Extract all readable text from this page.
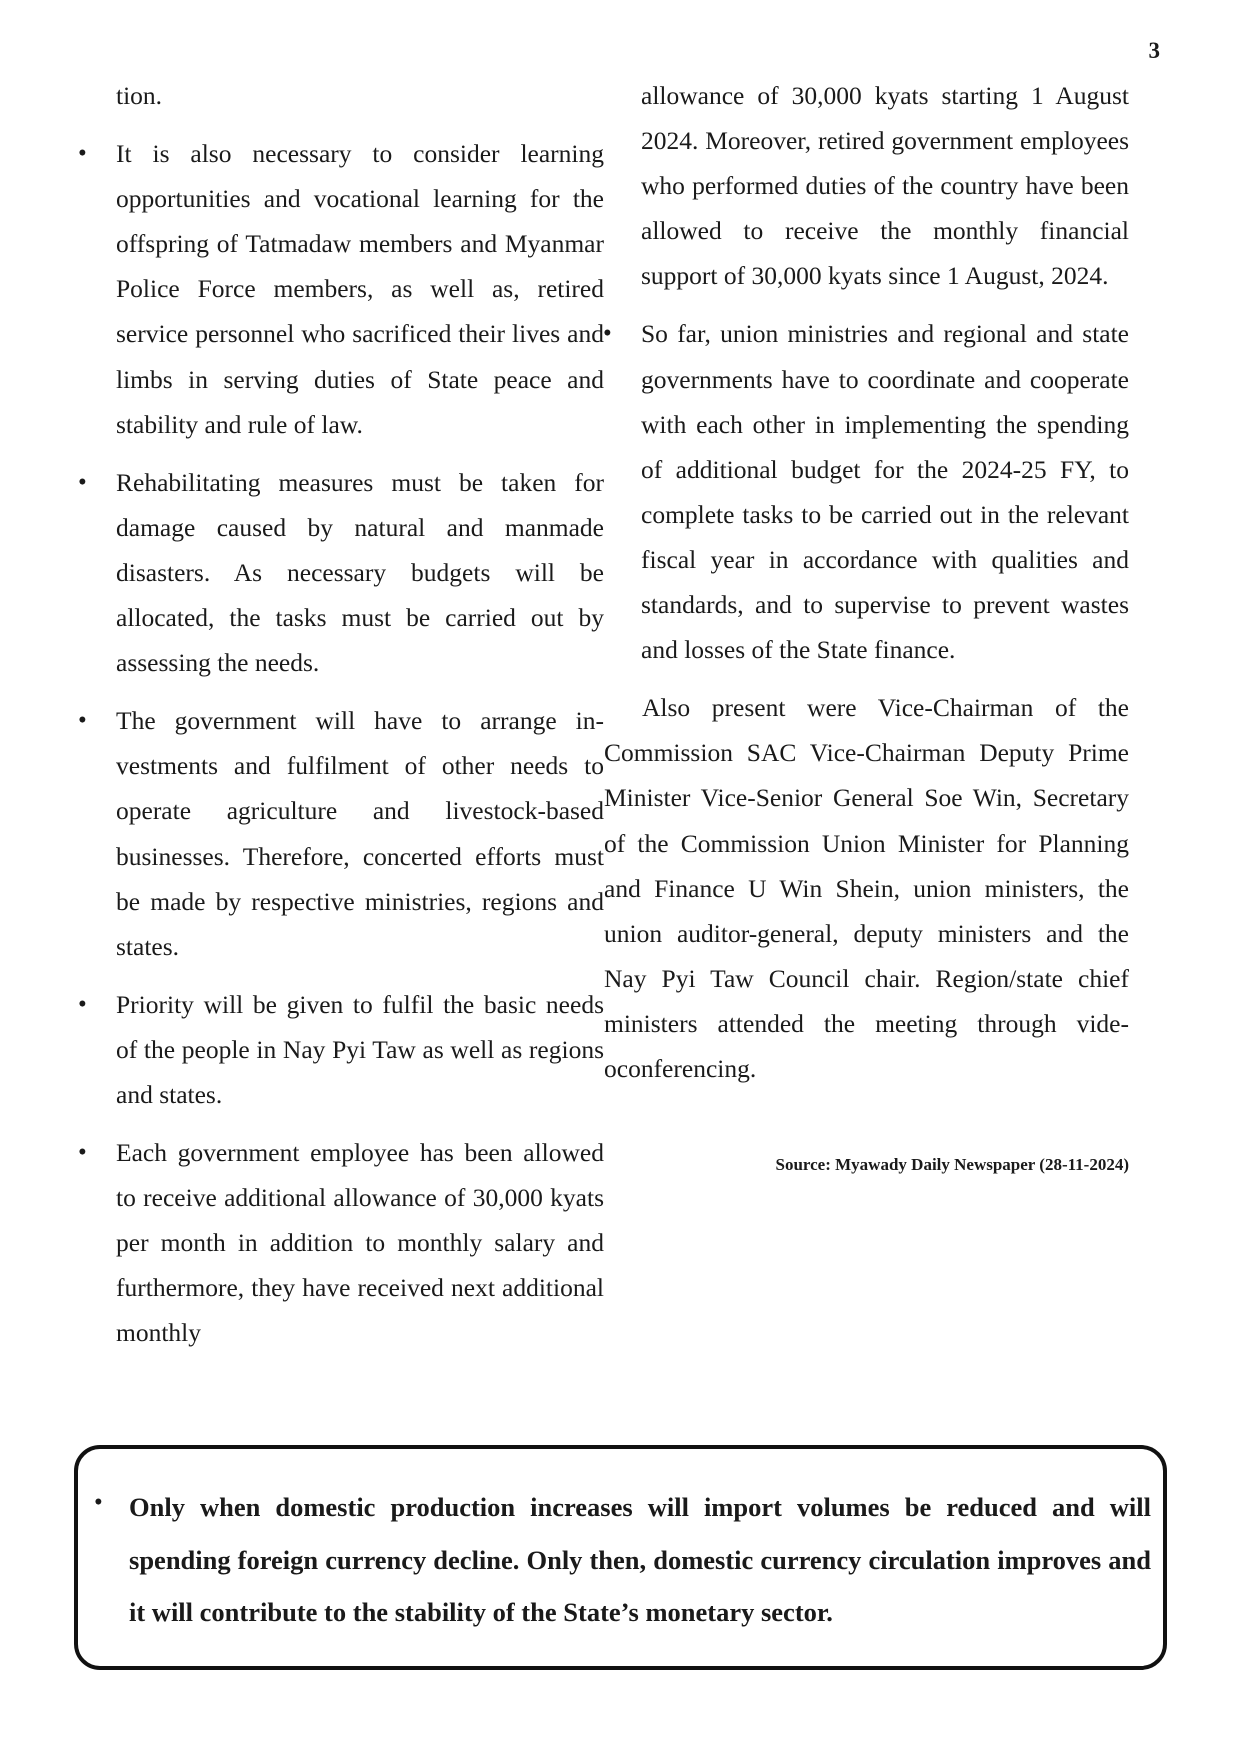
3

tion.

• It is also necessary to consider learning opportunities and vocational learning for the offspring of Tatmadaw members and Myanmar Police Force members, as well as, retired service personnel who sacrificed their lives and limbs in serving duties of State peace and stability and rule of law.
• Rehabilitating measures must be taken for damage caused by natural and manmade disasters. As necessary budgets will be allocated, the tasks must be carried out by assessing the needs.
• The government will have to arrange investments and fulfilment of other needs to operate agriculture and livestock-based businesses. Therefore, concerted efforts must be made by respective ministries, regions and states.
• Priority will be given to fulfil the basic needs of the people in Nay Pyi Taw as well as regions and states.
• Each government employee has been allowed to receive additional allowance of 30,000 kyats per month in addition to monthly salary and furthermore, they have received next additional monthly

allowance of 30,000 kyats starting 1 August 2024. Moreover, retired government employees who performed duties of the country have been allowed to receive the monthly financial support of 30,000 kyats since 1 August, 2024.

• So far, union ministries and regional and state governments have to coordinate and cooperate with each other in implementing the spending of additional budget for the 2024-25 FY, to complete tasks to be carried out in the relevant fiscal year in accordance with qualities and standards, and to supervise to prevent wastes and losses of the State finance.

Also present were Vice-Chairman of the Commission SAC Vice-Chairman Deputy Prime Minister Vice-Senior General Soe Win, Secretary of the Commission Union Minister for Planning and Finance U Win Shein, union ministers, the union auditor-general, deputy ministers and the Nay Pyi Taw Council chair. Region/state chief ministers attended the meeting through videoconferencing.

Source: Myawady Daily Newspaper (28-11-2024)

• Only when domestic production increases will import volumes be reduced and will spending foreign currency decline. Only then, domestic currency circulation improves and it will contribute to the stability of the State’s monetary sector.
